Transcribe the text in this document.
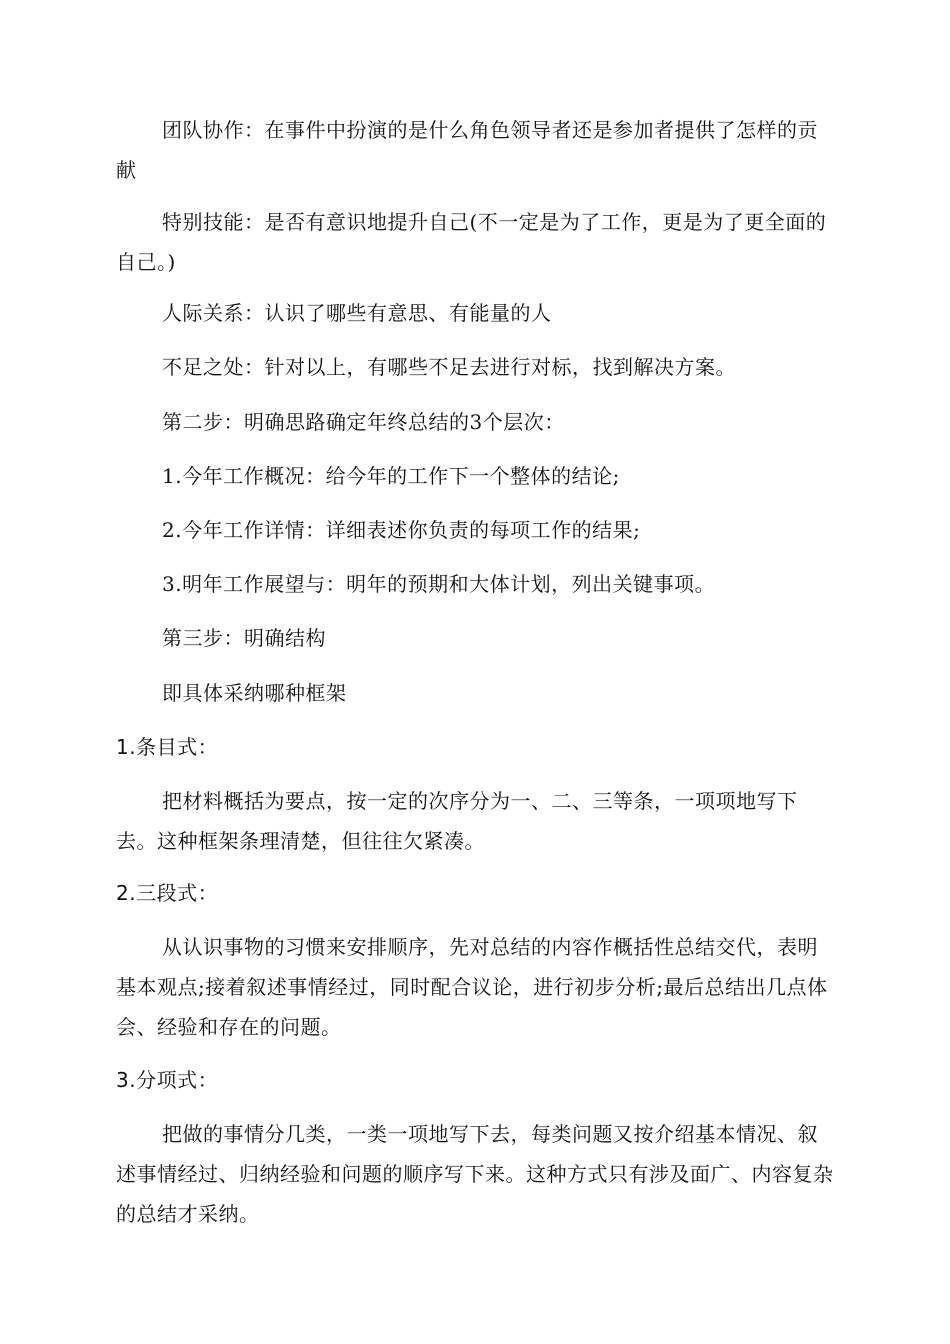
团队协作：在事件中扮演的是什么角色领导者还是参加者提供了怎样的贡献

特别技能：是否有意识地提升自己(不一定是为了工作，更是为了更全面的自己。)

人际关系：认识了哪些有意思、有能量的人

不足之处：针对以上，有哪些不足去进行对标，找到解决方案。

第二步：明确思路确定年终总结的3个层次：

1.今年工作概况：给今年的工作下一个整体的结论;

2.今年工作详情：详细表述你负责的每项工作的结果;

3.明年工作展望与：明年的预期和大体计划，列出关键事项。

第三步：明确结构

即具体采纳哪种框架

1.条目式：

把材料概括为要点，按一定的次序分为一、二、三等条，一项项地写下去。这种框架条理清楚，但往往欠紧凑。

2.三段式：

从认识事物的习惯来安排顺序，先对总结的内容作概括性总结交代，表明基本观点;接着叙述事情经过，同时配合议论，进行初步分析;最后总结出几点体会、经验和存在的问题。

3.分项式：

把做的事情分几类，一类一项地写下去，每类问题又按介绍基本情况、叙述事情经过、归纳经验和问题的顺序写下来。这种方式只有涉及面广、内容复杂的总结才采纳。
